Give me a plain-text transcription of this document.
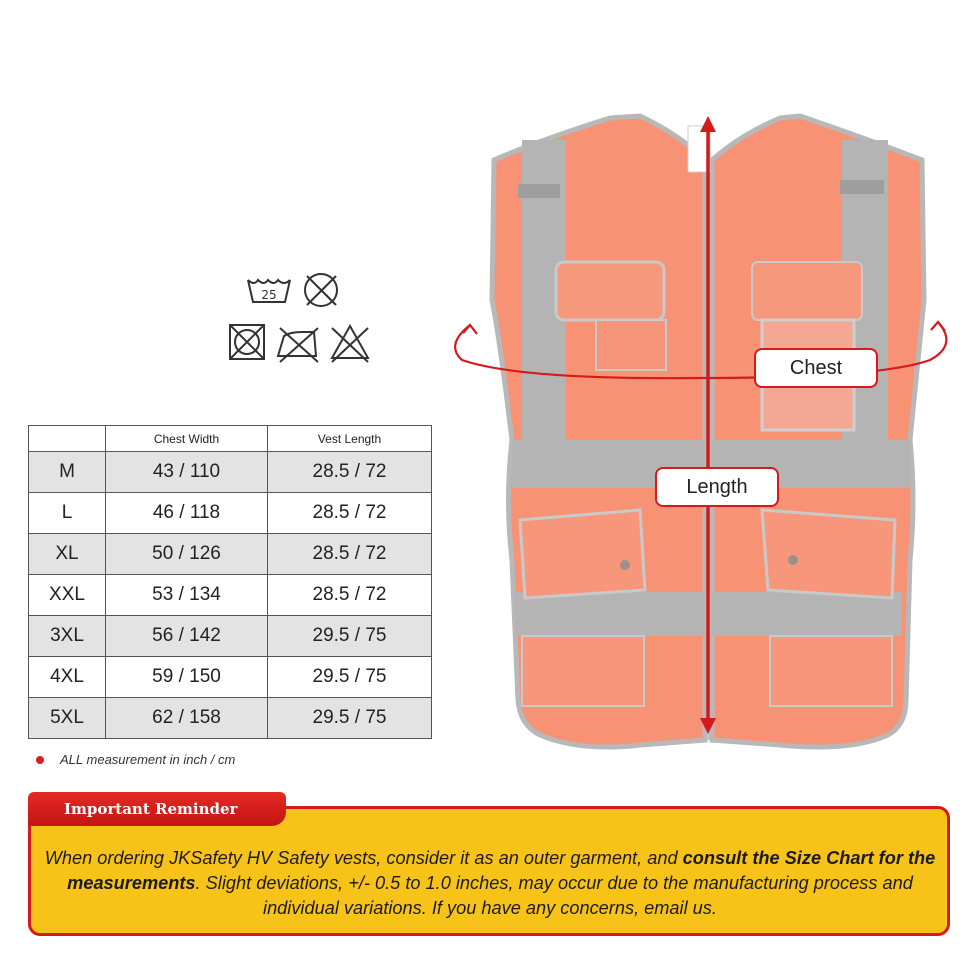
25
	Chest Width	Vest Length
M	43 / 110	28.5 / 72
L	46 / 118	28.5 / 72
XL	50 / 126	28.5 / 72
XXL	53 / 134	28.5 / 72
3XL	56 / 142	29.5 / 75
4XL	59 / 150	29.5 / 75
5XL	62 / 158	29.5 / 75
ALL measurement in inch / cm
Chest
Length
Important Reminder
When ordering JKSafety HV Safety vests, consider it as an outer garment, and consult the Size Chart for the measurements. Slight deviations, +/- 0.5 to 1.0 inches, may occur due to the manufacturing process and individual variations. If you have any concerns, email us.
